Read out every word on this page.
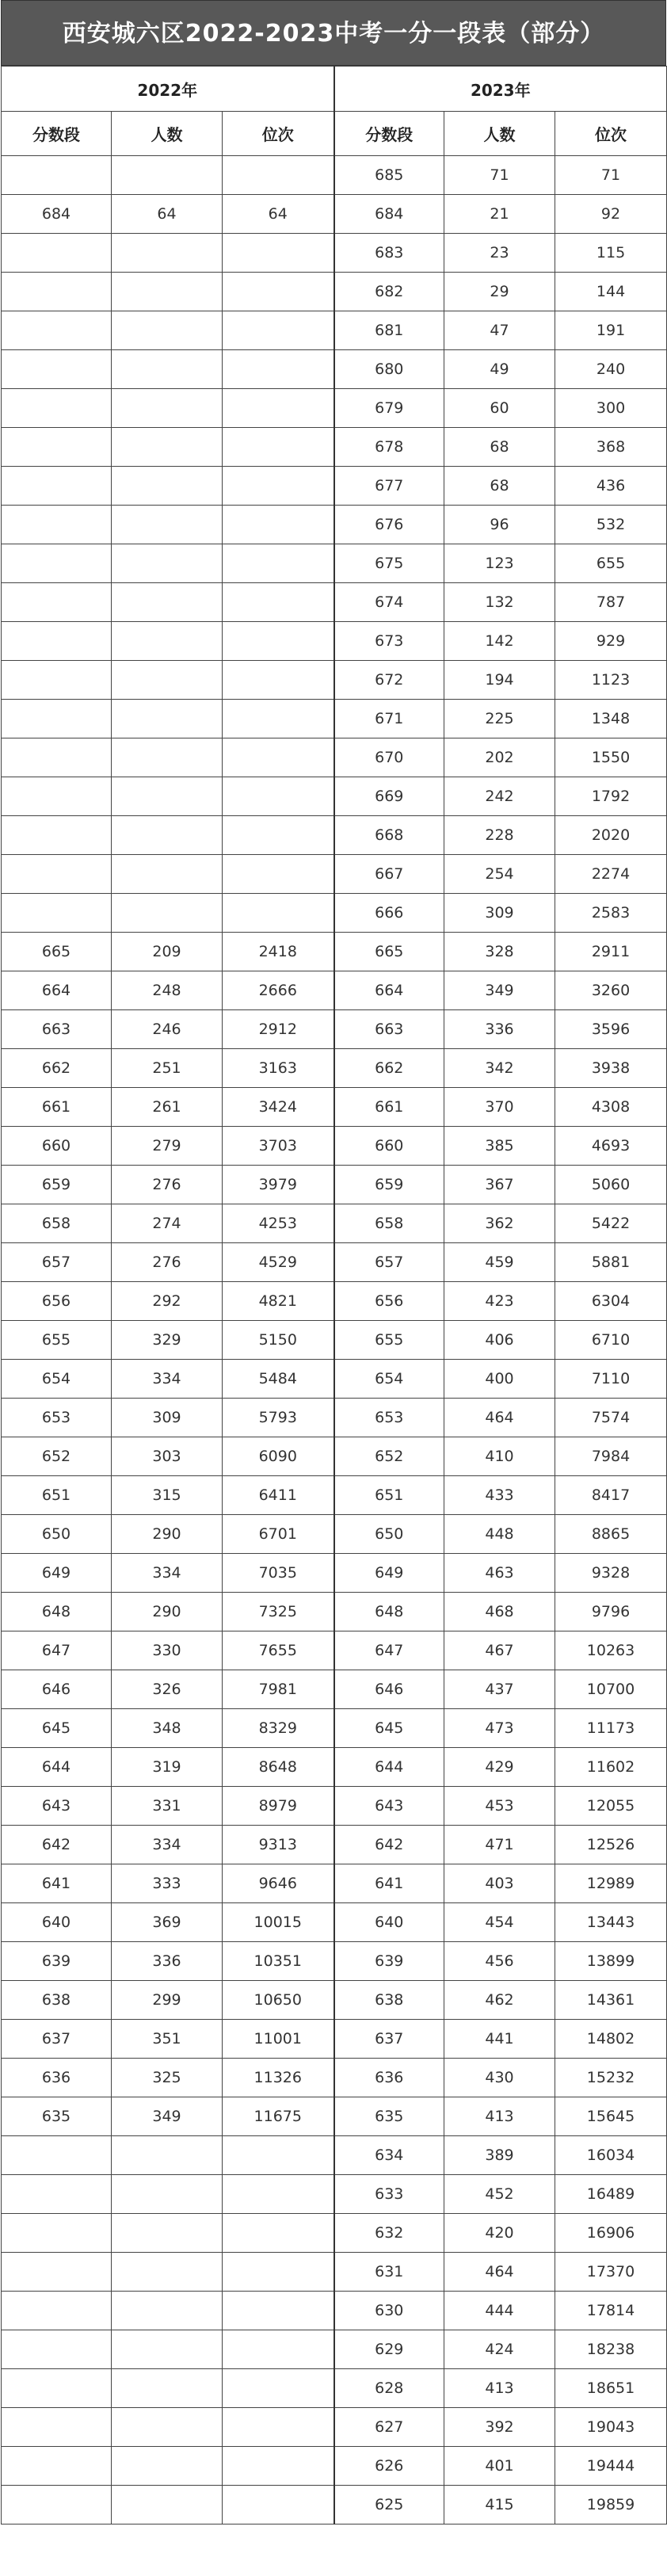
西安城六区2022-2023中考一分一段表（部分）
2022年			2023年		
分数段	人数	位次	分数段	人数	位次
			685	71	71
684	64	64	684	21	92
			683	23	115
			682	29	144
			681	47	191
			680	49	240
			679	60	300
			678	68	368
			677	68	436
			676	96	532
			675	123	655
			674	132	787
			673	142	929
			672	194	1123
			671	225	1348
			670	202	1550
			669	242	1792
			668	228	2020
			667	254	2274
			666	309	2583
665	209	2418	665	328	2911
664	248	2666	664	349	3260
663	246	2912	663	336	3596
662	251	3163	662	342	3938
661	261	3424	661	370	4308
660	279	3703	660	385	4693
659	276	3979	659	367	5060
658	274	4253	658	362	5422
657	276	4529	657	459	5881
656	292	4821	656	423	6304
655	329	5150	655	406	6710
654	334	5484	654	400	7110
653	309	5793	653	464	7574
652	303	6090	652	410	7984
651	315	6411	651	433	8417
650	290	6701	650	448	8865
649	334	7035	649	463	9328
648	290	7325	648	468	9796
647	330	7655	647	467	10263
646	326	7981	646	437	10700
645	348	8329	645	473	11173
644	319	8648	644	429	11602
643	331	8979	643	453	12055
642	334	9313	642	471	12526
641	333	9646	641	403	12989
640	369	10015	640	454	13443
639	336	10351	639	456	13899
638	299	10650	638	462	14361
637	351	11001	637	441	14802
636	325	11326	636	430	15232
635	349	11675	635	413	15645
			634	389	16034
			633	452	16489
			632	420	16906
			631	464	17370
			630	444	17814
			629	424	18238
			628	413	18651
			627	392	19043
			626	401	19444
			625	415	19859
